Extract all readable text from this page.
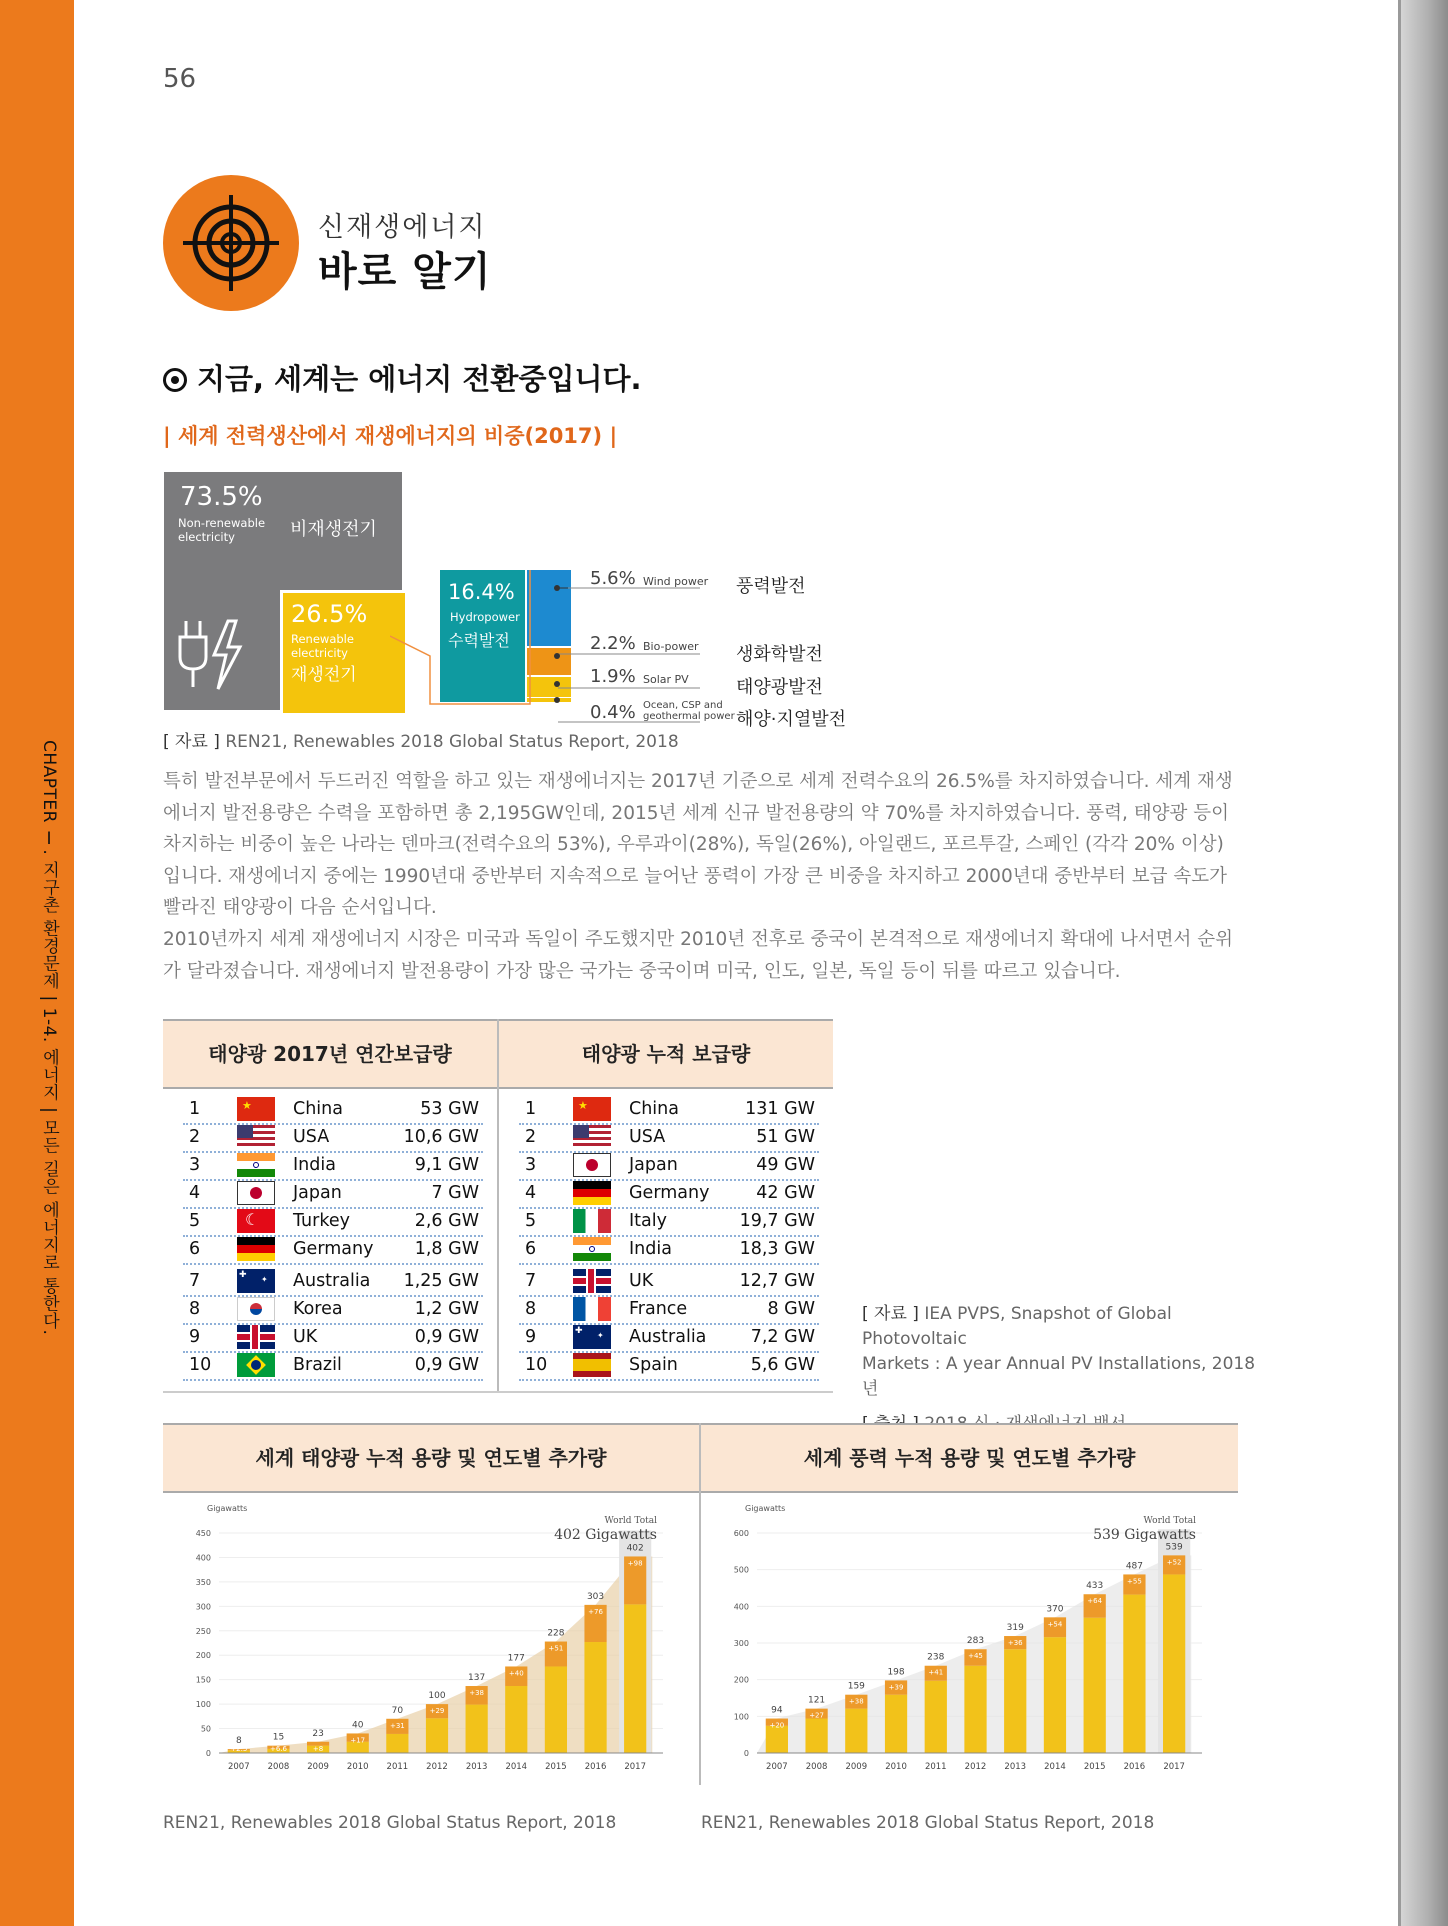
CHAPTER Ⅰ. 지구촌 환경문제 | 1-4. 에너지 | 모든 길은 에너지로 통한다.
56
신재생에너지
바로 알기
지금, 세계는 에너지 전환중입니다.
| 세계 전력생산에서 재생에너지의 비중(2017) |
73.5%
Non-renewable electricity	비재생전기
26.5%
Renewable electricity
재생전기
16.4%
Hydropower
수력발전
5.6% Wind power 풍력발전
2.2% Bio-power 생화학발전
1.9% Solar PV	태양광발전
0.4% Ocean, CSP and geothermal power 해양·지열발전
[ 자료 ] REN21, Renewables 2018 Global Status Report, 2018
특히 발전부문에서 두드러진 역할을 하고 있는 재생에너지는 2017년 기준으로 세계 전력수요의 26.5%를 차지하였습니다. 세계 재생에너지 발전용량은 수력을 포함하면 총 2,195GW인데, 2015년 세계 신규 발전용량의 약 70%를 차지하였습니다. 풍력, 태양광 등이 차지하는 비중이 높은 나라는 덴마크(전력수요의 53%), 우루과이(28%), 독일(26%), 아일랜드, 포르투갈, 스페인 (각각 20% 이상)입니다. 재생에너지 중에는 1990년대 중반부터 지속적으로 늘어난 풍력이 가장 큰 비중을 차지하고 2000년대 중반부터 보급 속도가 빨라진 태양광이 다음 순서입니다.
2010년까지 세계 재생에너지 시장은 미국과 독일이 주도했지만 2010년 전후로 중국이 본격적으로 재생에너지 확대에 나서면서 순위가 달라졌습니다. 재생에너지 발전용량이 가장 많은 국가는 중국이며 미국, 인도, 일본, 독일 등이 뒤를 따르고 있습니다.
태양광 2017년 연간보급량	태양광 누적 보급량
1	★ China	53 GW
2	USA	10,6 GW
3	India	9,1 GW
4	Japan	7 GW
5	☾ Turkey	2,6 GW
6	Germany 1,8 GW
7	✚ ✦ Australia 1,25 GW
8	Korea	1,2 GW
9	UK	0,9 GW
10	Brazil	0,9 GW
1	★ China	131 GW
2	USA	51 GW
3	Japan	49 GW
4	Germany	42 GW
5	Italy	19,7 GW
6	India	18,3 GW
7	UK	12,7 GW
8	France	8 GW
9	✚ ✦ Australia	7,2 GW
10	Spain	5,6 GW
[ 자료 ] IEA PVPS, Snapshot of Global Photovoltaic
Markets : A year Annual PV Installations, 2018년
세계 태양광 누적 용량 및 연도별 추가량	세계 풍력 누적 용량 및 연도별 추가량
0
50
100
150
200
250
300
350
400
450
Gigawatts
8
+2.5
2007
15
+6.6
2008
23
+8
2009
40
+17
2010
70
+31
2011
100
+29
2012
137
+38
2013
177
+40
2014
228
+51
2015
303
+76
2016
402
+98
2017
World Total
402 Gigawatts
0
100
200
300
400
500
600
Gigawatts
94
+20
2007
121
+27
2008
159
+38
2009
198
+39
2010
238
+41
2011
283
+45
2012
319
+36
2013
370
+54
2014
433
+64
2015
487
+55
2016
539
+52
2017
World Total
539 Gigawatts
REN21, Renewables 2018 Global Status Report, 2018	REN21, Renewables 2018 Global Status Report, 2018
